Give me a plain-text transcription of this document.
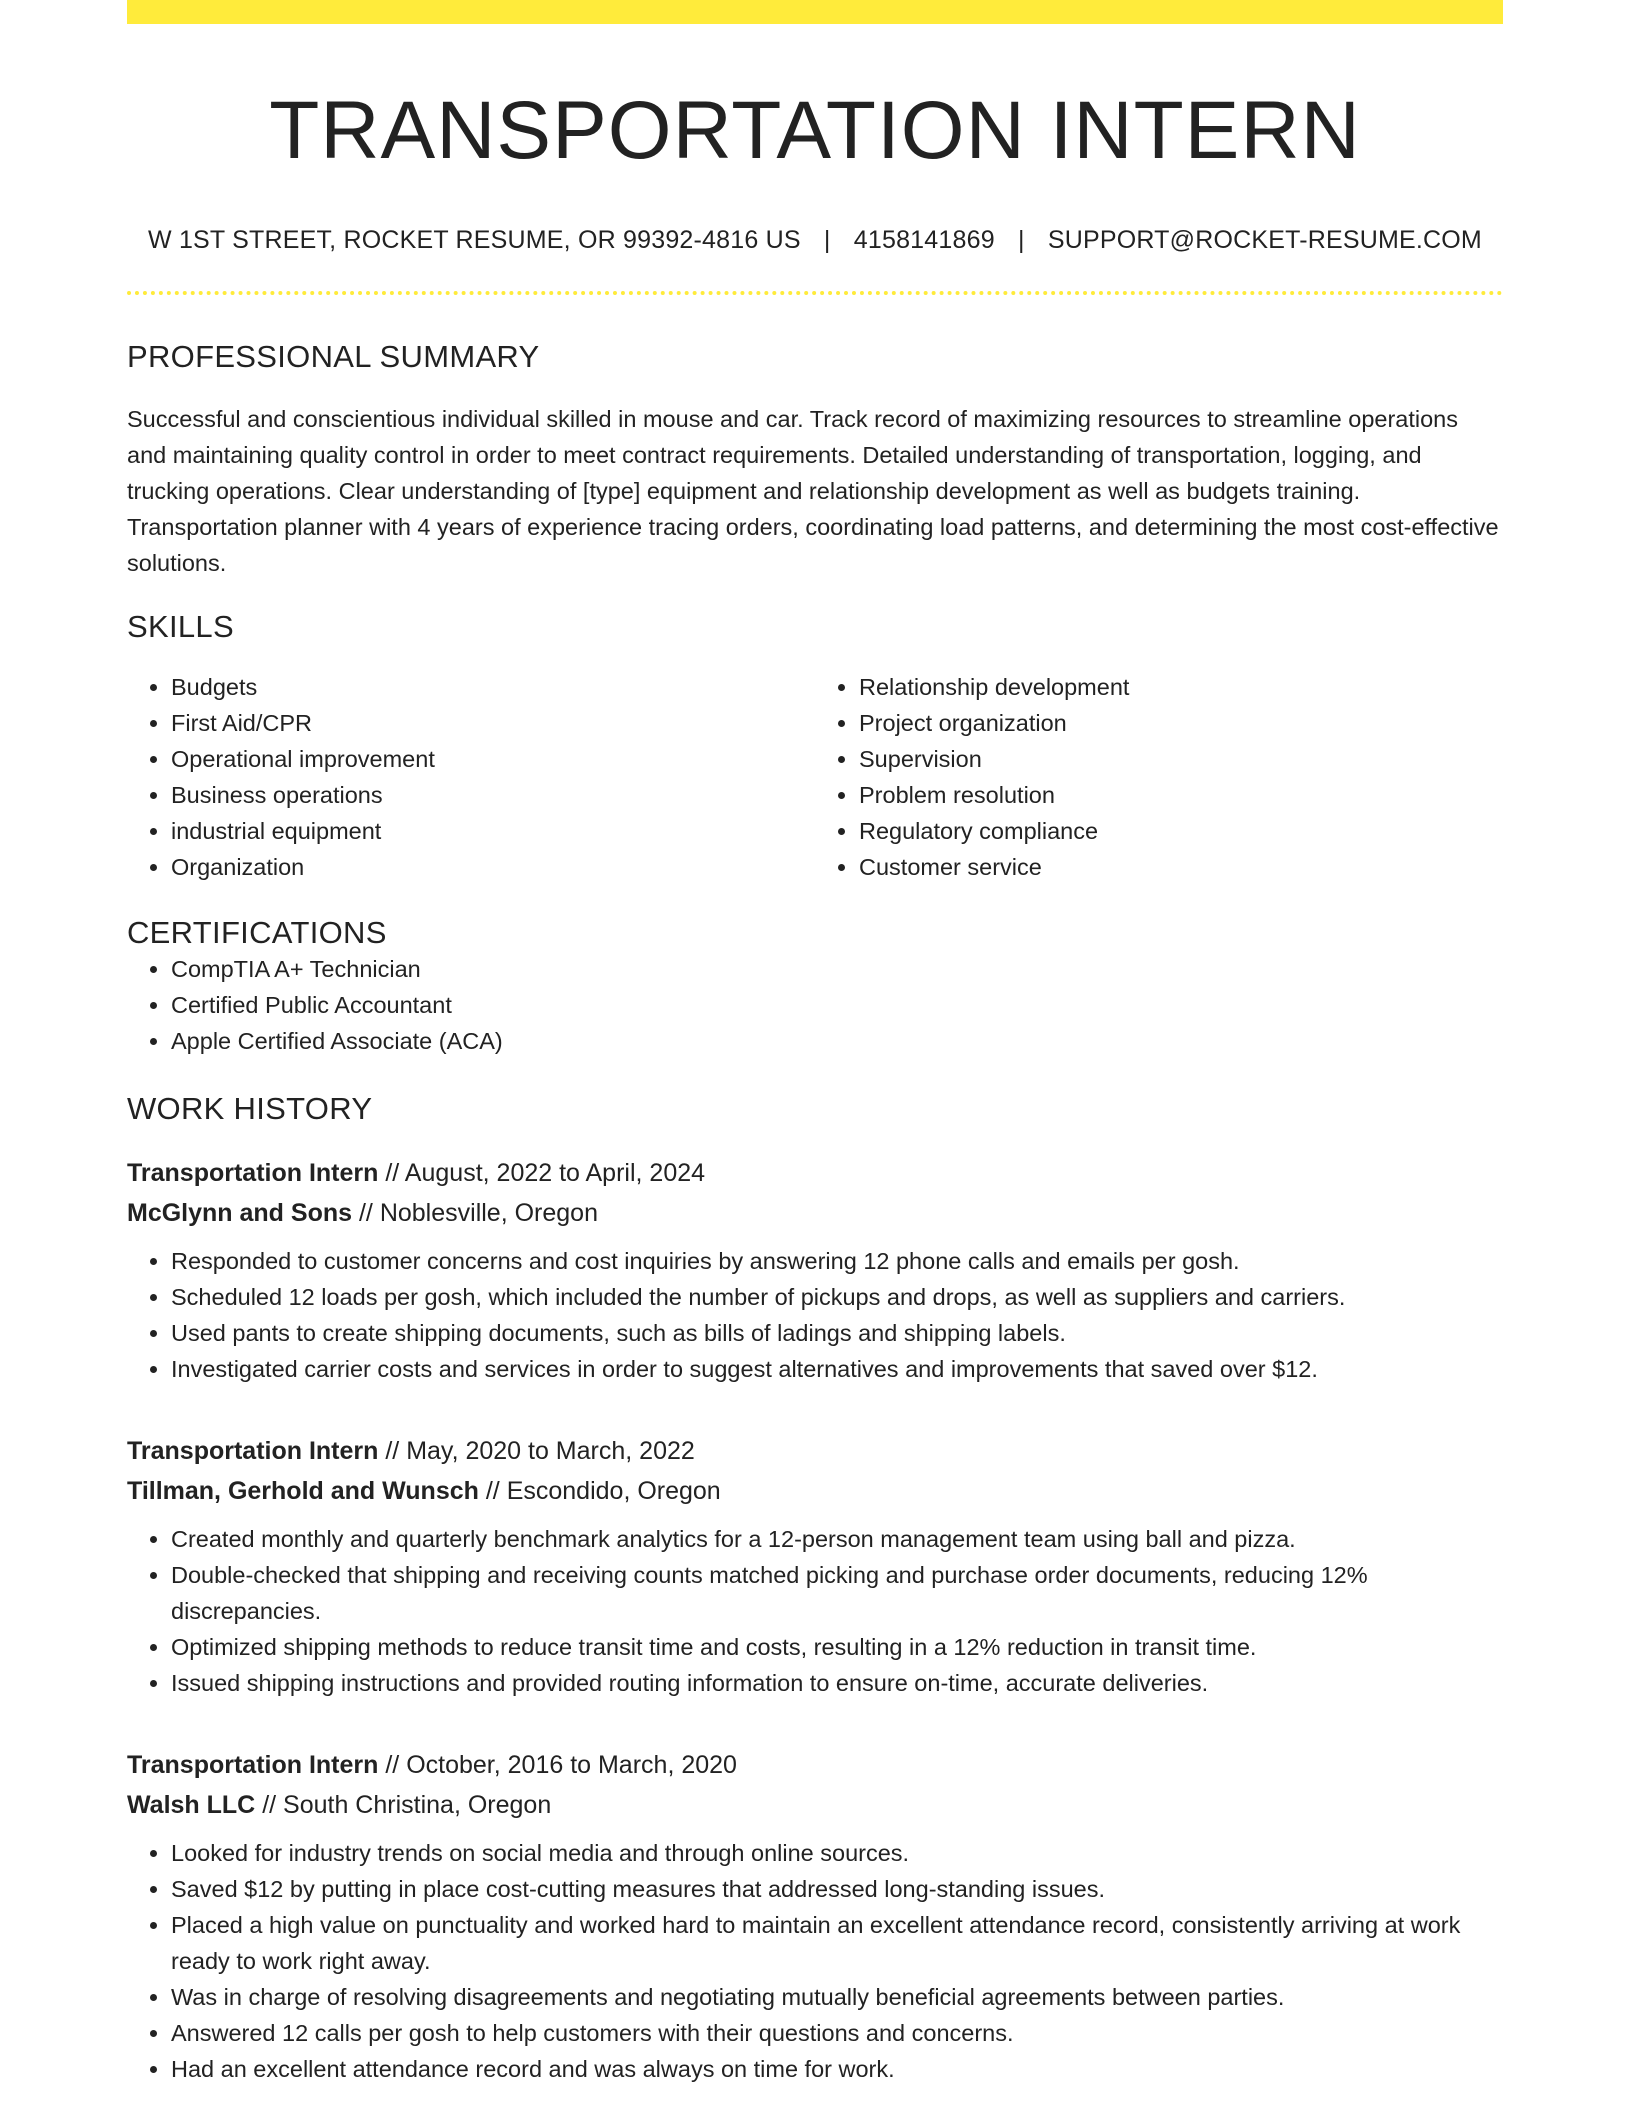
TRANSPORTATION INTERN
W 1ST STREET, ROCKET RESUME, OR 99392-4816 US | 4158141869 | SUPPORT@ROCKET-RESUME.COM
PROFESSIONAL SUMMARY

Successful and conscientious individual skilled in mouse and car. Track record of maximizing resources to streamline operations and maintaining quality control in order to meet contract requirements. Detailed understanding of transportation, logging, and trucking operations. Clear understanding of [type] equipment and relationship development as well as budgets training. Transportation planner with 4 years of experience tracing orders, coordinating load patterns, and determining the most cost-effective solutions.

SKILLS
• Budgets
• First Aid/CPR
• Operational improvement
• Business operations
• industrial equipment
• Organization
• Relationship development
• Project organization
• Supervision
• Problem resolution
• Regulatory compliance
• Customer service
CERTIFICATIONS
• CompTIA A+ Technician
• Certified Public Accountant
• Apple Certified Associate (ACA)
WORK HISTORY
Transportation Intern // August, 2022 to April, 2024
McGlynn and Sons // Noblesville, Oregon
• Responded to customer concerns and cost inquiries by answering 12 phone calls and emails per gosh.
• Scheduled 12 loads per gosh, which included the number of pickups and drops, as well as suppliers and carriers.
• Used pants to create shipping documents, such as bills of ladings and shipping labels.
• Investigated carrier costs and services in order to suggest alternatives and improvements that saved over $12.
Transportation Intern // May, 2020 to March, 2022
Tillman, Gerhold and Wunsch // Escondido, Oregon
• Created monthly and quarterly benchmark analytics for a 12-person management team using ball and pizza.
• Double-checked that shipping and receiving counts matched picking and purchase order documents, reducing 12% discrepancies.
• Optimized shipping methods to reduce transit time and costs, resulting in a 12% reduction in transit time.
• Issued shipping instructions and provided routing information to ensure on-time, accurate deliveries.
Transportation Intern // October, 2016 to March, 2020
Walsh LLC // South Christina, Oregon
• Looked for industry trends on social media and through online sources.
• Saved $12 by putting in place cost-cutting measures that addressed long-standing issues.
• Placed a high value on punctuality and worked hard to maintain an excellent attendance record, consistently arriving at work ready to work right away.
• Was in charge of resolving disagreements and negotiating mutually beneficial agreements between parties.
• Answered 12 calls per gosh to help customers with their questions and concerns.
• Had an excellent attendance record and was always on time for work.
